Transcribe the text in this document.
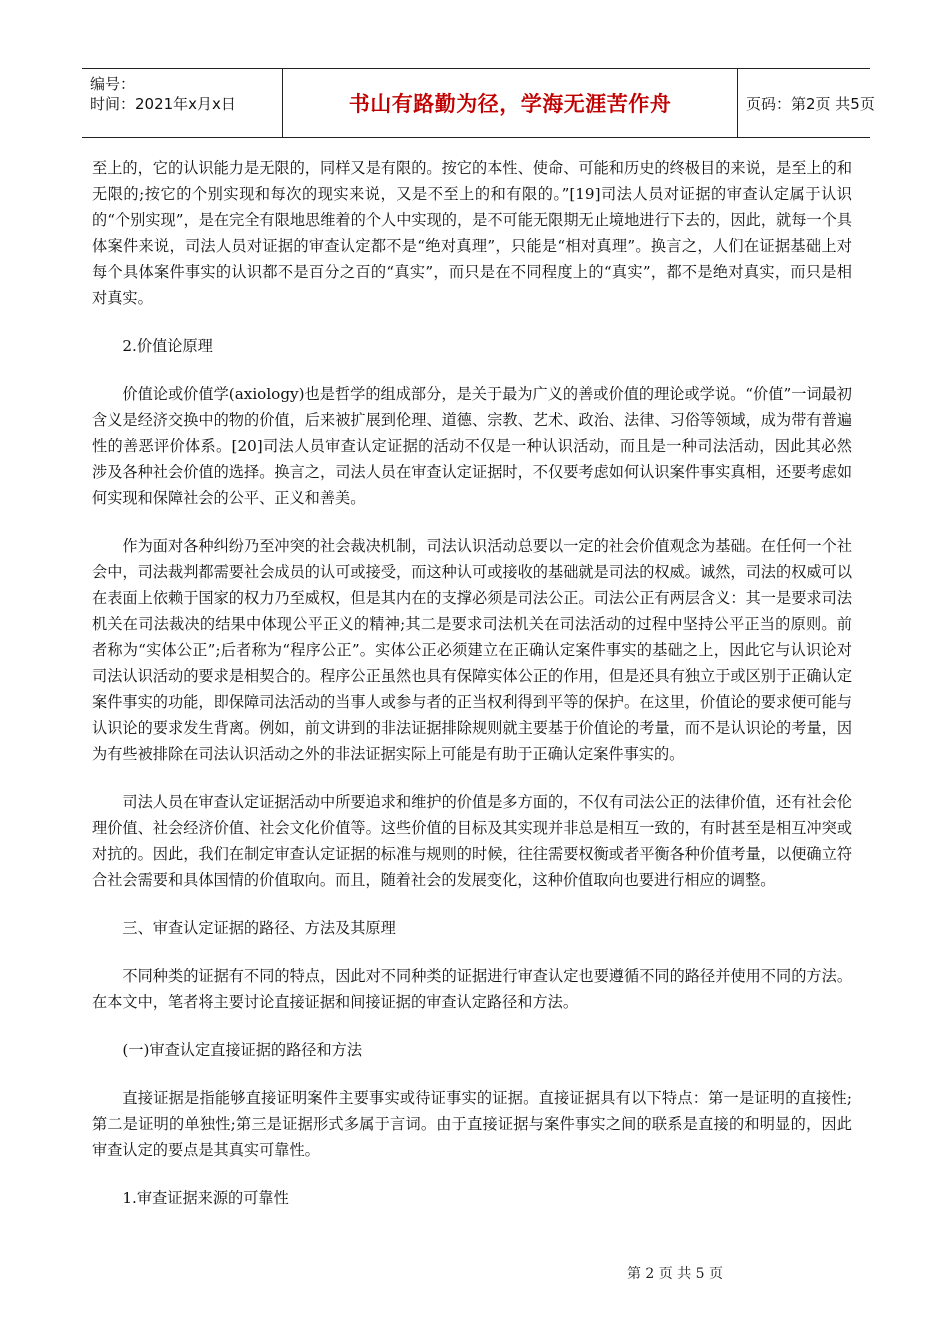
编号：
时间：2021年x月x日	书山有路勤为径，学海无涯苦作舟	页码：第2页 共5页

至上的，它的认识能力是无限的，同样又是有限的。按它的本性、使命、可能和历史的终极目的来说，是至上的和无限的;按它的个别实现和每次的现实来说，又是不至上的和有限的。”[19]司法人员对证据的审查认定属于认识的“个别实现”，是在完全有限地思维着的个人中实现的，是不可能无限期无止境地进行下去的，因此，就每一个具体案件来说，司法人员对证据的审查认定都不是“绝对真理”，只能是“相对真理”。换言之，人们在证据基础上对每个具体案件事实的认识都不是百分之百的“真实”，而只是在不同程度上的“真实”，都不是绝对真实，而只是相对真实。

2.价值论原理

价值论或价值学(axiology)也是哲学的组成部分，是关于最为广义的善或价值的理论或学说。“价值”一词最初含义是经济交换中的物的价值，后来被扩展到伦理、道德、宗教、艺术、政治、法律、习俗等领域，成为带有普遍性的善恶评价体系。[20]司法人员审查认定证据的活动不仅是一种认识活动，而且是一种司法活动，因此其必然涉及各种社会价值的选择。换言之，司法人员在审查认定证据时，不仅要考虑如何认识案件事实真相，还要考虑如何实现和保障社会的公平、正义和善美。

作为面对各种纠纷乃至冲突的社会裁决机制，司法认识活动总要以一定的社会价值观念为基础。在任何一个社会中，司法裁判都需要社会成员的认可或接受，而这种认可或接收的基础就是司法的权威。诚然，司法的权威可以在表面上依赖于国家的权力乃至威权，但是其内在的支撑必须是司法公正。司法公正有两层含义：其一是要求司法机关在司法裁决的结果中体现公平正义的精神;其二是要求司法机关在司法活动的过程中坚持公平正当的原则。前者称为“实体公正”;后者称为“程序公正”。实体公正必须建立在正确认定案件事实的基础之上，因此它与认识论对司法认识活动的要求是相契合的。程序公正虽然也具有保障实体公正的作用，但是还具有独立于或区别于正确认定案件事实的功能，即保障司法活动的当事人或参与者的正当权利得到平等的保护。在这里，价值论的要求便可能与认识论的要求发生背离。例如，前文讲到的非法证据排除规则就主要基于价值论的考量，而不是认识论的考量，因为有些被排除在司法认识活动之外的非法证据实际上可能是有助于正确认定案件事实的。

司法人员在审查认定证据活动中所要追求和维护的价值是多方面的，不仅有司法公正的法律价值，还有社会伦理价值、社会经济价值、社会文化价值等。这些价值的目标及其实现并非总是相互一致的，有时甚至是相互冲突或对抗的。因此，我们在制定审查认定证据的标准与规则的时候，往往需要权衡或者平衡各种价值考量，以便确立符合社会需要和具体国情的价值取向。而且，随着社会的发展变化，这种价值取向也要进行相应的调整。

三、审查认定证据的路径、方法及其原理

不同种类的证据有不同的特点，因此对不同种类的证据进行审查认定也要遵循不同的路径并使用不同的方法。在本文中，笔者将主要讨论直接证据和间接证据的审查认定路径和方法。

(一)审查认定直接证据的路径和方法

直接证据是指能够直接证明案件主要事实或待证事实的证据。直接证据具有以下特点：第一是证明的直接性;第二是证明的单独性;第三是证据形式多属于言词。由于直接证据与案件事实之间的联系是直接的和明显的，因此审查认定的要点是其真实可靠性。

1.审查证据来源的可靠性

第 2 页 共 5 页
